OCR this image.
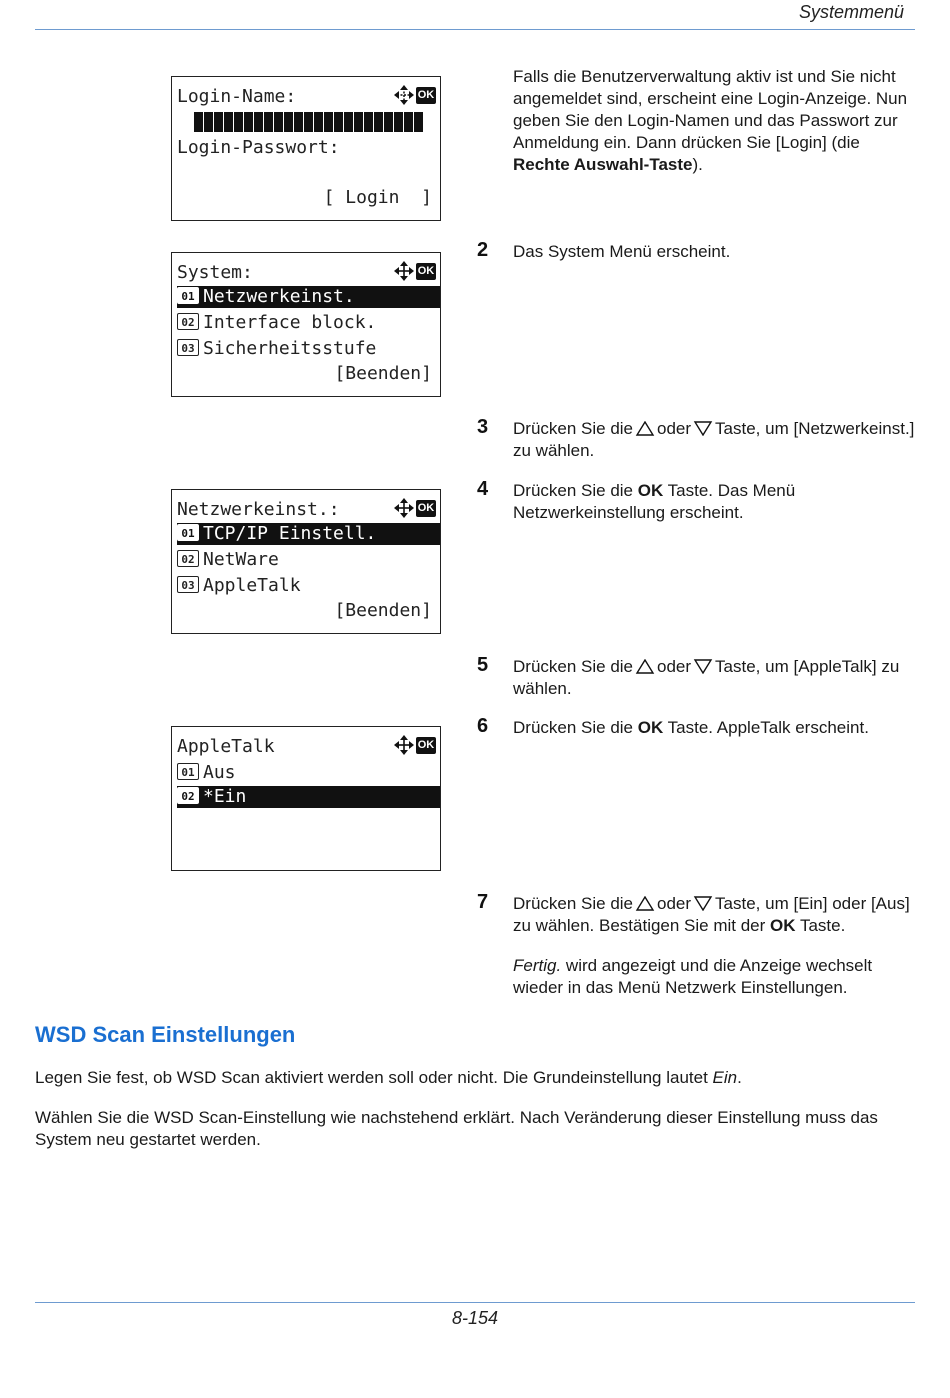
Systemmenü
Login-Name:	OK
Login-Passwort:
[ Login  ]
Falls die Benutzerverwaltung aktiv ist und Sie nicht angemeldet sind, erscheint eine Login-Anzeige. Nun geben Sie den Login-Namen und das Passwort zur Anmeldung ein. Dann drücken Sie [Login] (die Rechte Auswahl-Taste).
System:	OK
01 Netzwerkeinst.
02 Interface block.
03 Sicherheitsstufe
[Beenden]
2 Das System Menü erscheint.
3 Drücken Sie die oder Taste, um [Netzwerkeinst.] zu wählen.
Netzwerkeinst.:	OK
01 TCP/IP Einstell.
02 NetWare
03 AppleTalk
[Beenden]
4 Drücken Sie die OK Taste. Das Menü Netzwerkeinstellung erscheint.
5 Drücken Sie die oder Taste, um [AppleTalk] zu wählen.
6 Drücken Sie die OK Taste. AppleTalk erscheint.
AppleTalk	OK
01 Aus
02 *Ein
7 Drücken Sie die oder Taste, um [Ein] oder [Aus] zu wählen. Bestätigen Sie mit der OK Taste.
Fertig. wird angezeigt und die Anzeige wechselt wieder in das Menü Netzwerk Einstellungen.
WSD Scan Einstellungen
Legen Sie fest, ob WSD Scan aktiviert werden soll oder nicht. Die Grundeinstellung lautet Ein.
Wählen Sie die WSD Scan-Einstellung wie nachstehend erklärt. Nach Veränderung dieser Einstellung muss das System neu gestartet werden.
8-154
